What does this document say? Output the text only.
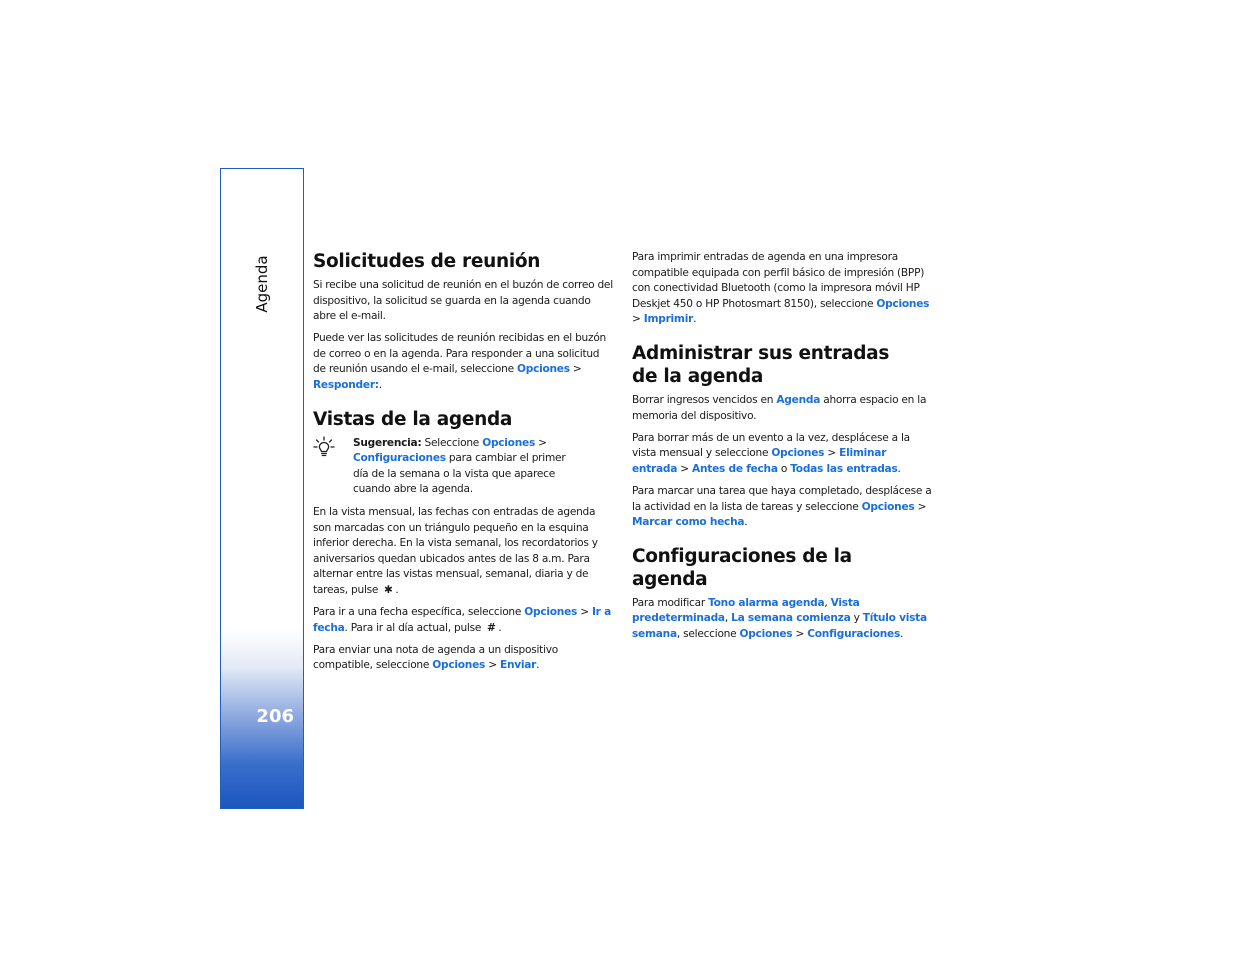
Agenda
206
Solicitudes de reunión

Si recibe una solicitud de reunión en el buzón de correo del dispositivo, la solicitud se guarda en la agenda cuando abre el e-mail.

Puede ver las solicitudes de reunión recibidas en el buzón de correo o en la agenda. Para responder a una solicitud de reunión usando el e-mail, seleccione Opciones > Responder:.

Vistas de la agenda

Sugerencia: Seleccione Opciones > Configuraciones para cambiar el primer día de la semana o la vista que aparece cuando abre la agenda.

En la vista mensual, las fechas con entradas de agenda son marcadas con un triángulo pequeño en la esquina inferior derecha. En la vista semanal, los recordatorios y aniversarios quedan ubicados antes de las 8 a.m. Para alternar entre las vistas mensual, semanal, diaria y de tareas, pulse ✱ .

Para ir a una fecha específica, seleccione Opciones > Ir a fecha. Para ir al día actual, pulse # .

Para enviar una nota de agenda a un dispositivo compatible, seleccione Opciones > Enviar.

Para imprimir entradas de agenda en una impresora compatible equipada con perfil básico de impresión (BPP) con conectividad Bluetooth (como la impresora móvil HP Deskjet 450 o HP Photosmart 8150), seleccione Opciones > Imprimir.

Administrar sus entradas
de la agenda

Borrar ingresos vencidos en Agenda ahorra espacio en la memoria del dispositivo.

Para borrar más de un evento a la vez, desplácese a la vista mensual y seleccione Opciones > Eliminar entrada > Antes de fecha o Todas las entradas.

Para marcar una tarea que haya completado, desplácese a la actividad en la lista de tareas y seleccione Opciones > Marcar como hecha.

Configuraciones de la agenda

Para modificar Tono alarma agenda, Vista predeterminada, La semana comienza y Título vista semana, seleccione Opciones > Configuraciones.
